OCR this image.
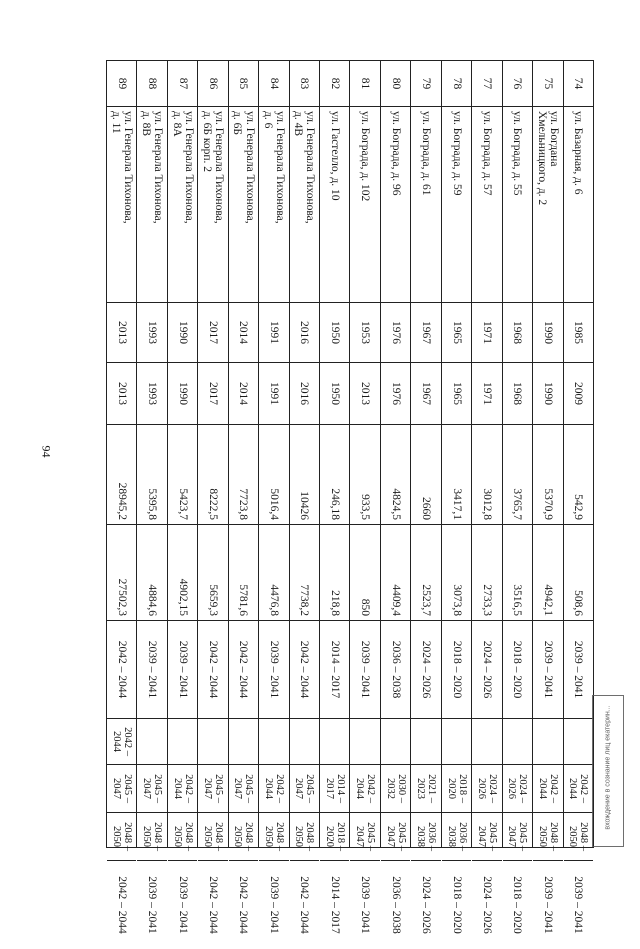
94
74
ул. Базарная, д. 6
1985
2009
542,9
508,6
2039 – 2041
2042 –
2044
2048 –
2050
2039 – 2041
75
ул. Богдана
Хмельницкого, д. 2
1990
1990
5370,9
4942,1
2039 – 2041
2042 –
2044
2048 –
2050
2039 – 2041
76
ул. Бограда, д. 55
1968
1968
3765,7
3516,5
2018 – 2020
2024 –
2026
2045 –
2047
2018 – 2020
77
ул. Бограда, д. 57
1971
1971
3012,8
2733,3
2024 – 2026
2024 –
2026
2045 –
2047
2024 – 2026
78
ул. Бограда, д. 59
1965
1965
3417,1
3073,8
2018 – 2020
2018 –
2020
2036 –
2038
2018 – 2020
79
ул. Бограда, д. 61
1967
1967
2660
2523,7
2024 – 2026
2021 –
2023
2036 –
2038
2024 – 2026
80
ул. Бограда, д. 96
1976
1976
4824,5
4409,4
2036 – 2038
2030 –
2032
2045 –
2047
2036 – 2038
81
ул. Бограда, д. 102
1953
2013
933,5
850
2039 – 2041
2042 –
2044
2045 –
2047
2039 – 2041
82
ул. Гастелло, д. 10
1950
1950
246,18
218,8
2014 – 2017
2014 –
2017
2018 –
2020
2014 – 2017
83
ул. Генерала Тихонова,
д. 4В
2016
2016
10426
7738,2
2042 – 2044
2045 –
2047
2048 –
2050
2042 – 2044
84
ул. Генерала Тихонова,
д. 6
1991
1991
5016,4
4476,8
2039 – 2041
2042 –
2044
2048 –
2050
2039 – 2041
85
ул. Генерала Тихонова,
д. 6Б
2014
2014
7723,8
5781,6
2042 – 2044
2045 –
2047
2048 –
2050
2042 – 2044
86
ул. Генерала Тихонова,
д. 6Б корп. 2
2017
2017
8222,5
5659,3
2042 – 2044
2045 –
2047
2048 –
2050
2042 – 2044
87
ул. Генерала Тихонова,
д. 8А
1990
1990
5423,7
4902,15
2039 – 2041
2042 –
2044
2048 –
2050
2039 – 2041
88
ул. Генерала Тихонова,
д. 8В
1993
1993
5395,8
4884,6
2039 – 2041
2045 –
2047
2048 –
2050
2039 – 2041
89
ул. Генерала Тихонова,
д. 11
2013
2013
28945,2
27502,3
2042 – 2044
2042 –
2044
2045 –
2047
2048 –
2050
2042 – 2044
вхождение в сознание лиц екатерин...
